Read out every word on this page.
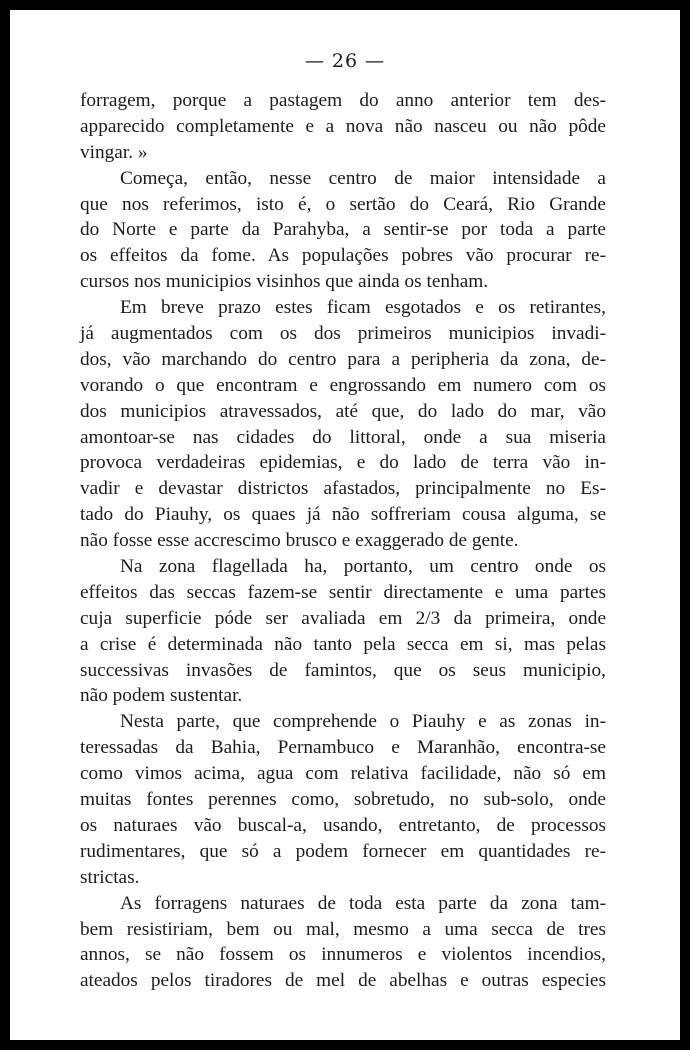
— 26 —
forragem, porque a pastagem do anno anterior tem des-
apparecido completamente e a nova não nasceu ou não pôde
vingar. »
Começa, então, nesse centro de maior intensidade a
que nos referimos, isto é, o sertão do Ceará, Rio Grande
do Norte e parte da Parahyba, a sentir-se por toda a parte
os effeitos da fome. As populações pobres vão procurar re-
cursos nos municipios visinhos que ainda os tenham.
Em breve prazo estes ficam esgotados e os retirantes,
já augmentados com os dos primeiros municipios invadi-
dos, vão marchando do centro para a peripheria da zona, de-
vorando o que encontram e engrossando em numero com os
dos municipios atravessados, até que, do lado do mar, vão
amontoar-se nas cidades do littoral, onde a sua miseria
provoca verdadeiras epidemias, e do lado de terra vão in-
vadir e devastar districtos afastados, principalmente no Es-
tado do Piauhy, os quaes já não soffreriam cousa alguma, se
não fosse esse accrescimo brusco e exaggerado de gente.
Na zona flagellada ha, portanto, um centro onde os
effeitos das seccas fazem-se sentir directamente e uma partes
cuja superficie póde ser avaliada em 2/3 da primeira, onde
a crise é determinada não tanto pela secca em si, mas pelas
successivas invasões de famintos, que os seus municipio,
não podem sustentar.
Nesta parte, que comprehende o Piauhy e as zonas in-
teressadas da Bahia, Pernambuco e Maranhão, encontra-se
como vimos acima, agua com relativa facilidade, não só em
muitas fontes perennes como, sobretudo, no sub-solo, onde
os naturaes vão buscal-a, usando, entretanto, de processos
rudimentares, que só a podem fornecer em quantidades re-
strictas.
As forragens naturaes de toda esta parte da zona tam-
bem resistiriam, bem ou mal, mesmo a uma secca de tres
annos, se não fossem os innumeros e violentos incendios,
ateados pelos tiradores de mel de abelhas e outras especies
